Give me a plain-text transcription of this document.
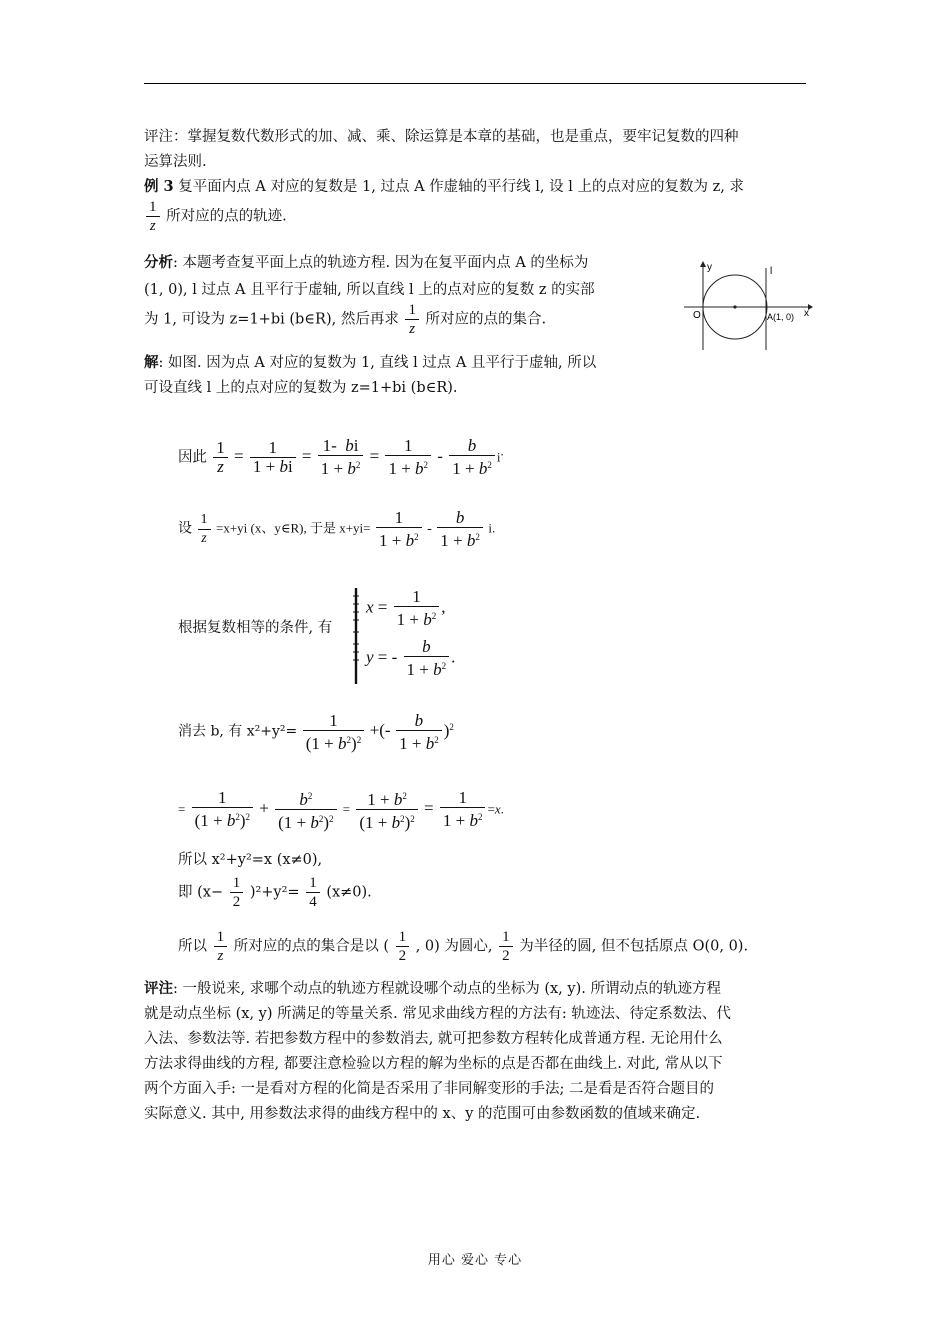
评注：掌握复数代数形式的加、减、乘、除运算是本章的基础，也是重点，要牢记复数的四种
运算法则.
例 3 复平面内点 A 对应的复数是 1, 过点 A 作虚轴的平行线 l, 设 l 上的点对应的复数为 z, 求
$\frac{1}{z}$ 所对应的点的轨迹.
分析: 本题考查复平面上点的轨迹方程. 因为在复平面内点 A 的坐标为
(1, 0), l 过点 A 且平行于虚轴, 所以直线 l 上的点对应的复数 z 的实部
为 1, 可设为 z=1+bi (b∈R), 然后再求 $\frac{1}{z}$ 所对应的点的集合.
解: 如图. 因为点 A 对应的复数为 1, 直线 l 过点 A 且平行于虚轴, 所以
可设直线 l 上的点对应的复数为 z=1+bi (b∈R).
y	l
O	A(1, 0) x
因此 $\frac{1}{z} = \frac{1}{1 + bi} = \frac{1- bi}{1 + b^2} = \frac{1}{1 + b^2} - \frac{b}{1 + b^2} i^.$
设 $\frac{1}{z} =x+yi$ (x、y∈R), 于是 $x+yi= \frac{1}{1 + b^2} - \frac{b}{1 + b^2} i$.
根据复数相等的条件, 有
$x = \frac{1}{1 + b^2}$ ,
y = - $\frac{b}{1 + b^2}$ .
消去 b, 有 $x^2+y^2= \frac{1}{(1 + b^2)^2}$ +(- $\frac{b}{1 + b^2} )^2$
= $\frac{1}{(1 + b^2)^2} + \frac{b^2}{(1 + b^2)^2} = \frac{1 + b^2}{(1 + b^2)^2} = \frac{1}{1 + b^2} =x$.
所以 x²+y²=x (x≠0),
即 $(x- \frac{1}{2} )^2+y^2= \frac{1}{4} (x\ne 0)$.
所以 $\frac{1}{z}$ 所对应的点的集合是以 ( $\frac{1}{2}$ , 0) 为圆心, $\frac{1}{2}$ 为半径的圆, 但不包括原点 O(0, 0).
评注: 一般说来, 求哪个动点的轨迹方程就设哪个动点的坐标为 (x, y). 所谓动点的轨迹方程
就是动点坐标 (x, y) 所满足的等量关系. 常见求曲线方程的方法有: 轨迹法、待定系数法、代
入法、参数法等. 若把参数方程中的参数消去, 就可把参数方程转化成普通方程. 无论用什么
方法求得曲线的方程, 都要注意检验以方程的解为坐标的点是否都在曲线上. 对此, 常从以下
两个方面入手: 一是看对方程的化简是否采用了非同解变形的手法; 二是看是否符合题目的
实际意义. 其中, 用参数法求得的曲线方程中的 x、y 的范围可由参数函数的值域来确定.
用心 爱心 专心
